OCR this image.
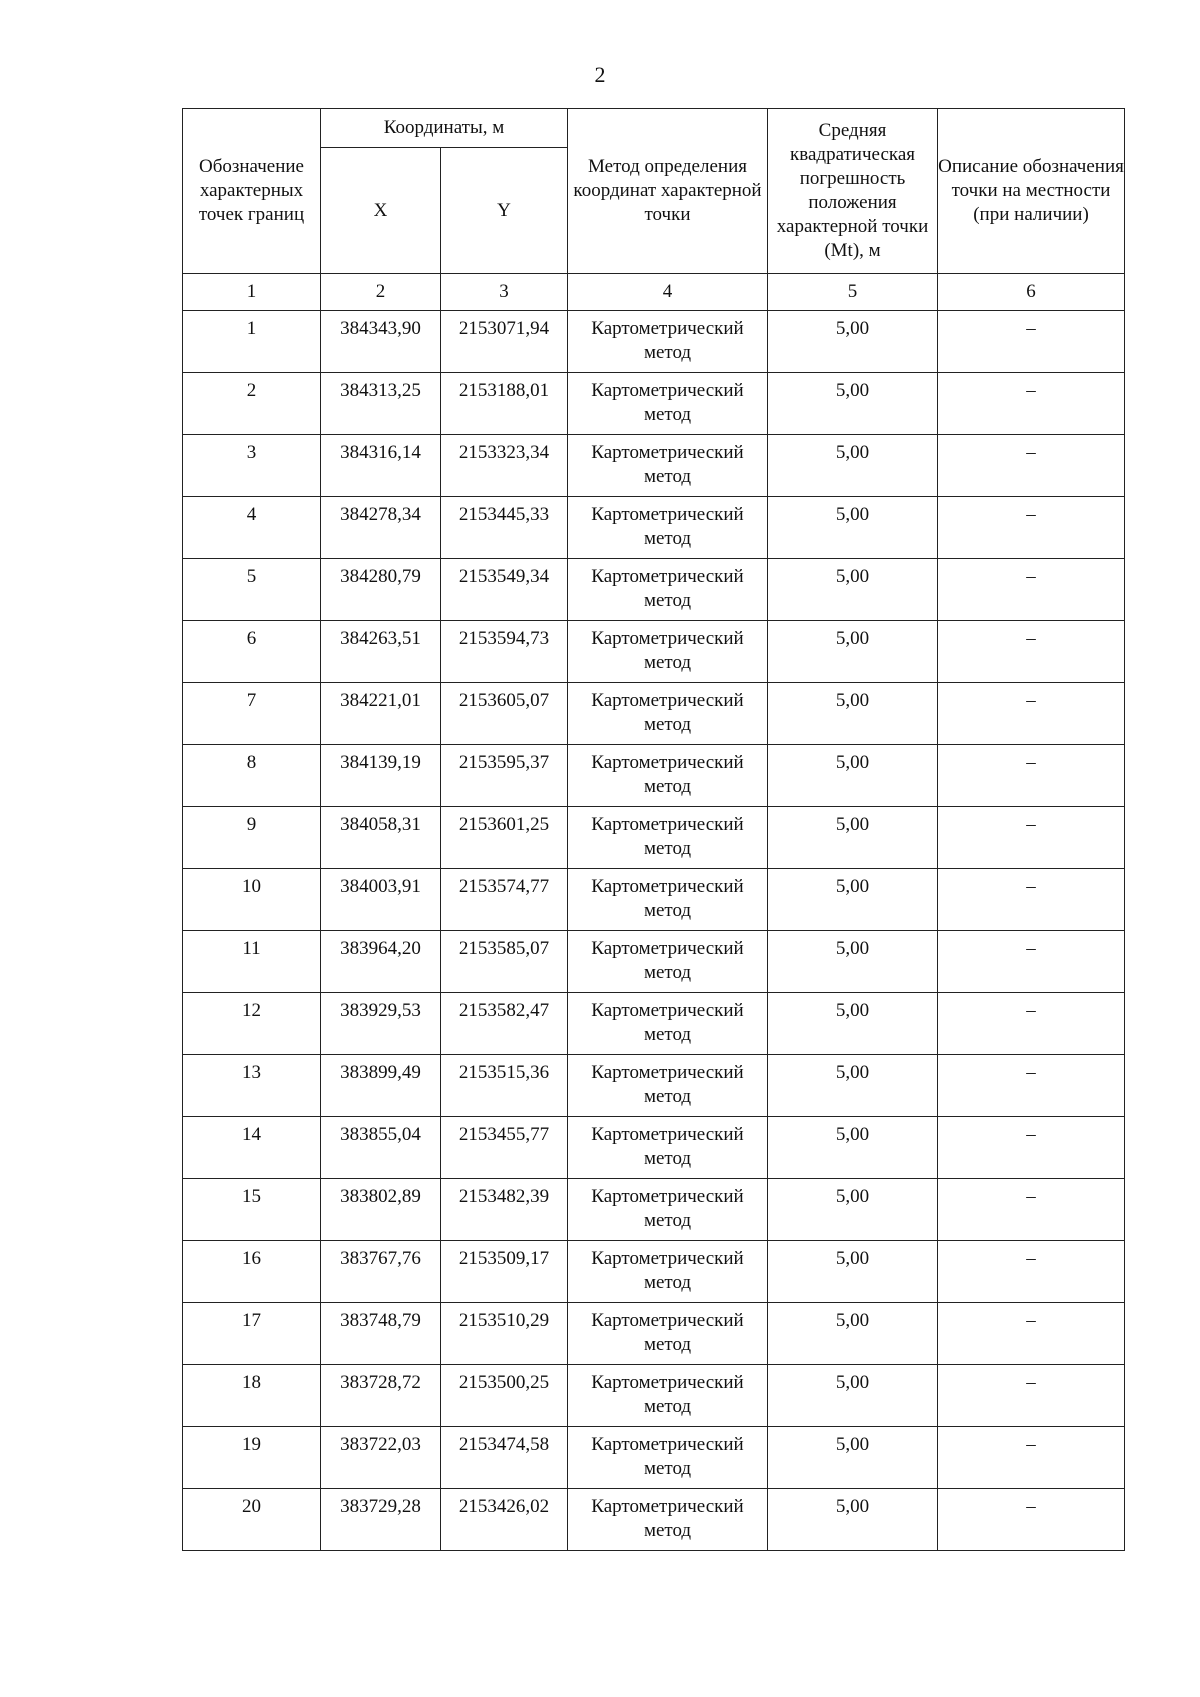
2
Обозначение характерных точек границ	Координаты, м		Метод определения координат характерной точки	Средняя квадратическая погрешность положения характерной точки (Mt), м	Описание обозначения точки на местности (при наличии)
	X	Y			
1	2	3	4	5	6
1	384343,90	2153071,94	Картометрический метод	5,00	–
2	384313,25	2153188,01	Картометрический метод	5,00	–
3	384316,14	2153323,34	Картометрический метод	5,00	–
4	384278,34	2153445,33	Картометрический метод	5,00	–
5	384280,79	2153549,34	Картометрический метод	5,00	–
6	384263,51	2153594,73	Картометрический метод	5,00	–
7	384221,01	2153605,07	Картометрический метод	5,00	–
8	384139,19	2153595,37	Картометрический метод	5,00	–
9	384058,31	2153601,25	Картометрический метод	5,00	–
10	384003,91	2153574,77	Картометрический метод	5,00	–
11	383964,20	2153585,07	Картометрический метод	5,00	–
12	383929,53	2153582,47	Картометрический метод	5,00	–
13	383899,49	2153515,36	Картометрический метод	5,00	–
14	383855,04	2153455,77	Картометрический метод	5,00	–
15	383802,89	2153482,39	Картометрический метод	5,00	–
16	383767,76	2153509,17	Картометрический метод	5,00	–
17	383748,79	2153510,29	Картометрический метод	5,00	–
18	383728,72	2153500,25	Картометрический метод	5,00	–
19	383722,03	2153474,58	Картометрический метод	5,00	–
20	383729,28	2153426,02	Картометрический метод	5,00	–
